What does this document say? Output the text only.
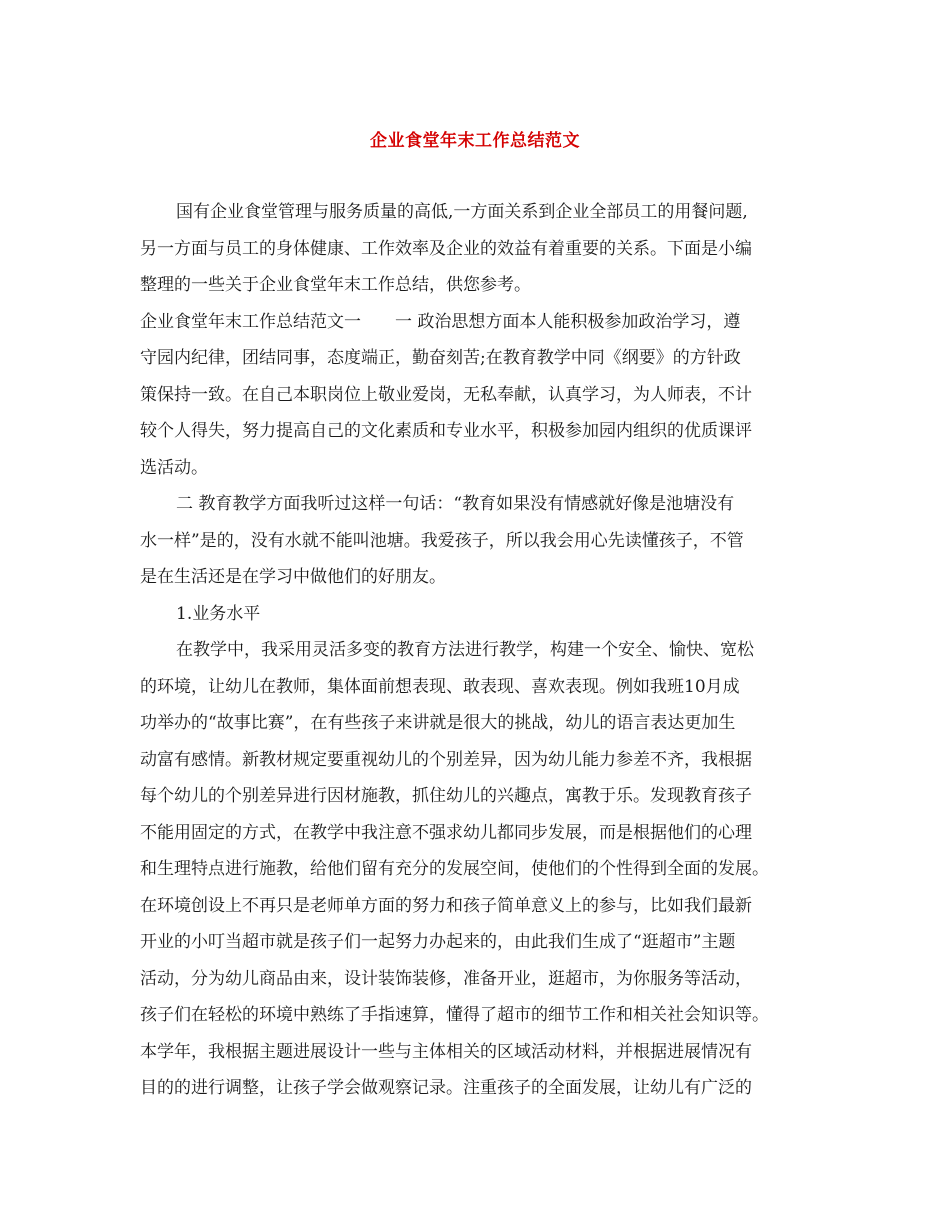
企业食堂年末工作总结范文
国有企业食堂管理与服务质量的高低,一方面关系到企业全部员工的用餐问题,
另一方面与员工的身体健康、工作效率及企业的效益有着重要的关系。下面是小编
整理的一些关于企业食堂年末工作总结，供您参考。
企业食堂年末工作总结范文一　　一 政治思想方面本人能积极参加政治学习，遵
守园内纪律，团结同事，态度端正，勤奋刻苦;在教育教学中同《纲要》的方针政
策保持一致。在自己本职岗位上敬业爱岗，无私奉献，认真学习，为人师表，不计
较个人得失，努力提高自己的文化素质和专业水平，积极参加园内组织的优质课评
选活动。
二 教育教学方面我听过这样一句话：“教育如果没有情感就好像是池塘没有
水一样”是的，没有水就不能叫池塘。我爱孩子，所以我会用心先读懂孩子，不管
是在生活还是在学习中做他们的好朋友。
1.业务水平
在教学中，我采用灵活多变的教育方法进行教学，构建一个安全、愉快、宽松
的环境，让幼儿在教师，集体面前想表现、敢表现、喜欢表现。例如我班10月成
功举办的“故事比赛”，在有些孩子来讲就是很大的挑战，幼儿的语言表达更加生
动富有感情。新教材规定要重视幼儿的个别差异，因为幼儿能力参差不齐，我根据
每个幼儿的个别差异进行因材施教，抓住幼儿的兴趣点，寓教于乐。发现教育孩子
不能用固定的方式，在教学中我注意不强求幼儿都同步发展，而是根据他们的心理
和生理特点进行施教，给他们留有充分的发展空间，使他们的个性得到全面的发展。
在环境创设上不再只是老师单方面的努力和孩子简单意义上的参与，比如我们最新
开业的小叮当超市就是孩子们一起努力办起来的，由此我们生成了“逛超市”主题
活动，分为幼儿商品由来，设计装饰装修，准备开业，逛超市，为你服务等活动，
孩子们在轻松的环境中熟练了手指速算，懂得了超市的细节工作和相关社会知识等。
本学年，我根据主题进展设计一些与主体相关的区域活动材料，并根据进展情况有
目的的进行调整，让孩子学会做观察记录。注重孩子的全面发展，让幼儿有广泛的
